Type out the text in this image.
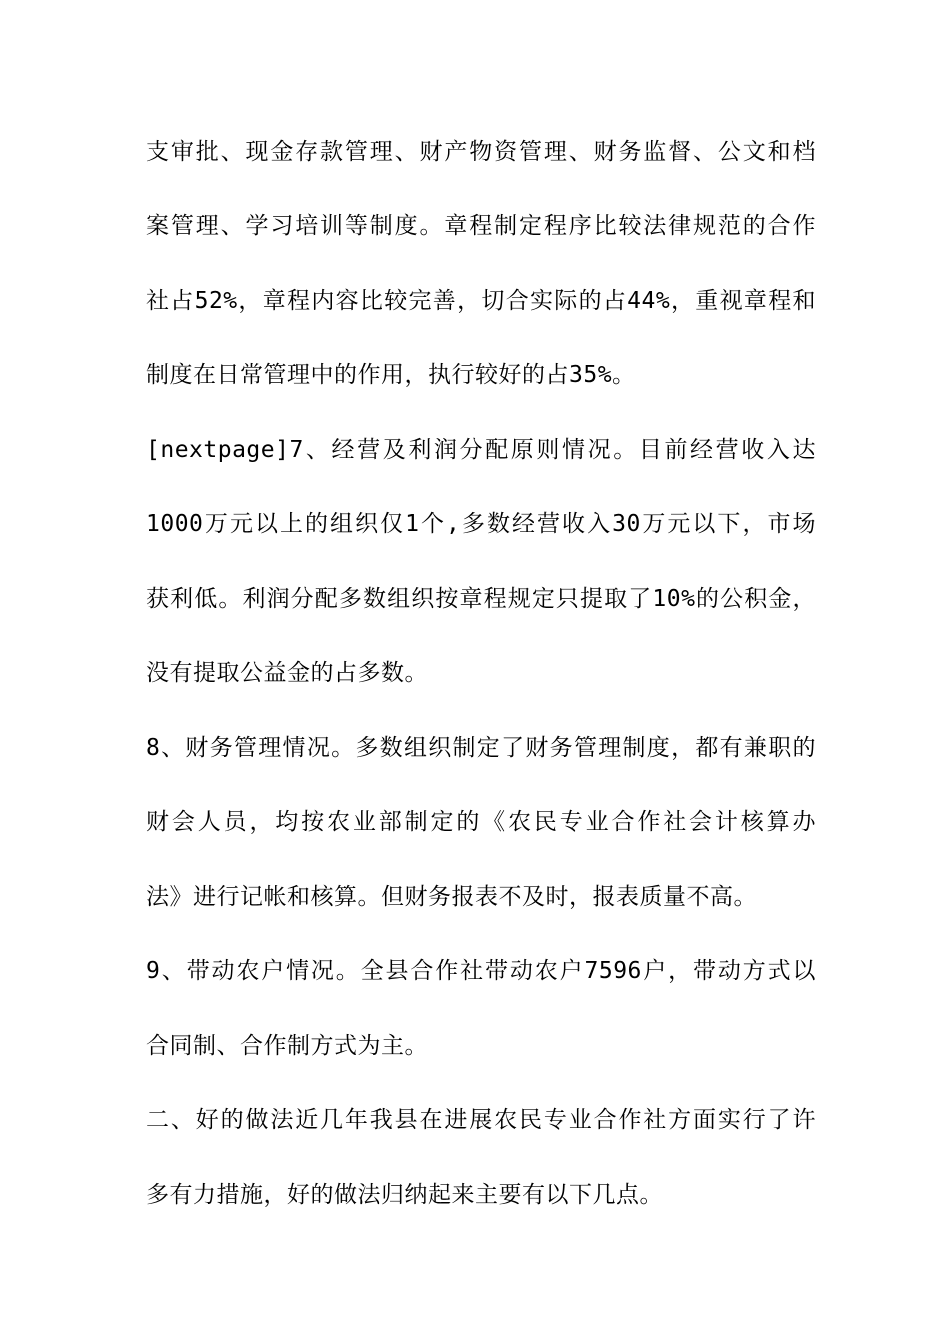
支审批、现金存款管理、财产物资管理、财务监督、公文和档
案管理、学习培训等制度。章程制定程序比较法律规范的合作
社占52%，章程内容比较完善，切合实际的占44%，重视章程和
制度在日常管理中的作用，执行较好的占35%。
[nextpage]7、经营及利润分配原则情况。目前经营收入达
1000万元以上的组织仅1个,多数经营收入30万元以下，市场
获利低。利润分配多数组织按章程规定只提取了10%的公积金，
没有提取公益金的占多数。
8、财务管理情况。多数组织制定了财务管理制度，都有兼职的
财会人员，均按农业部制定的《农民专业合作社会计核算办
法》进行记帐和核算。但财务报表不及时，报表质量不高。
9、带动农户情况。全县合作社带动农户7596户，带动方式以
合同制、合作制方式为主。
二、好的做法近几年我县在进展农民专业合作社方面实行了许
多有力措施，好的做法归纳起来主要有以下几点。
